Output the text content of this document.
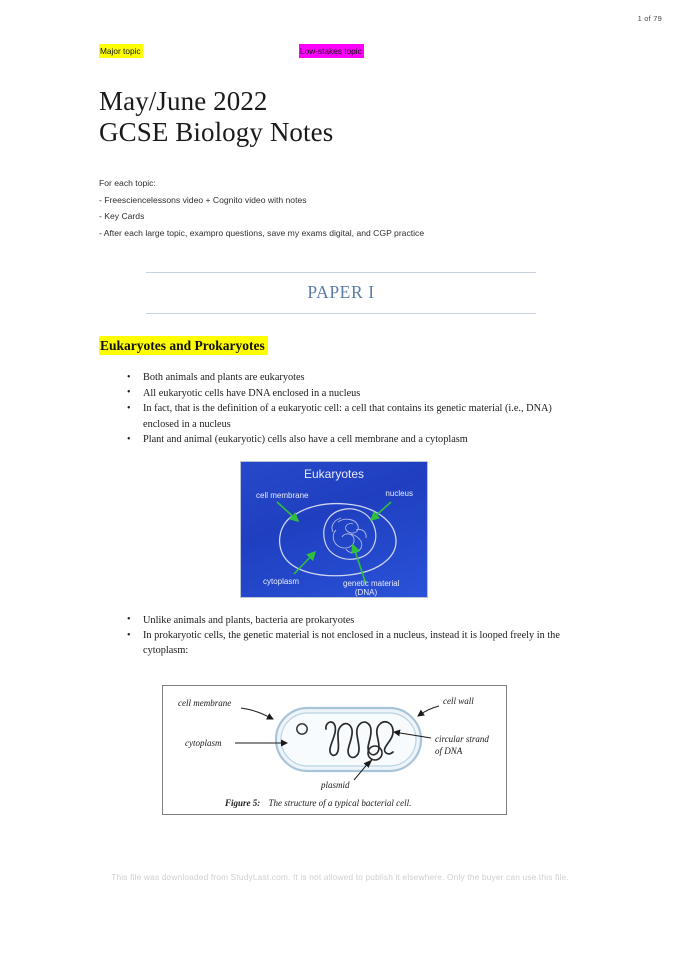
1 of 79
Major topic	Low-stakes topic
May/June 2022
GCSE Biology Notes
For each topic:
- Freesciencelessons video + Cognito video with notes
- Key Cards
- After each large topic, exampro questions, save my exams digital, and CGP practice
PAPER I
Eukaryotes and Prokaryotes
• Both animals and plants are eukaryotes
• All eukaryotic cells have DNA enclosed in a nucleus
• In fact, that is the definition of a eukaryotic cell: a cell that contains its genetic material (i.e., DNA) enclosed in a nucleus
• Plant and animal (eukaryotic) cells also have a cell membrane and a cytoplasm
Eukaryotes
cell membrane	nucleus
cytoplasm	genetic material
(DNA)
• Unlike animals and plants, bacteria are prokaryotes
• In prokaryotic cells, the genetic material is not enclosed in a nucleus, instead it is looped freely in the cytoplasm:
cell membrane	cell wall
cytoplasm	circular strand
of DNA
plasmid
Figure 5: The structure of a typical bacterial cell.
This file was downloaded from StudyLast.com. It is not allowed to publish it elsewhere. Only the buyer can use this file.
